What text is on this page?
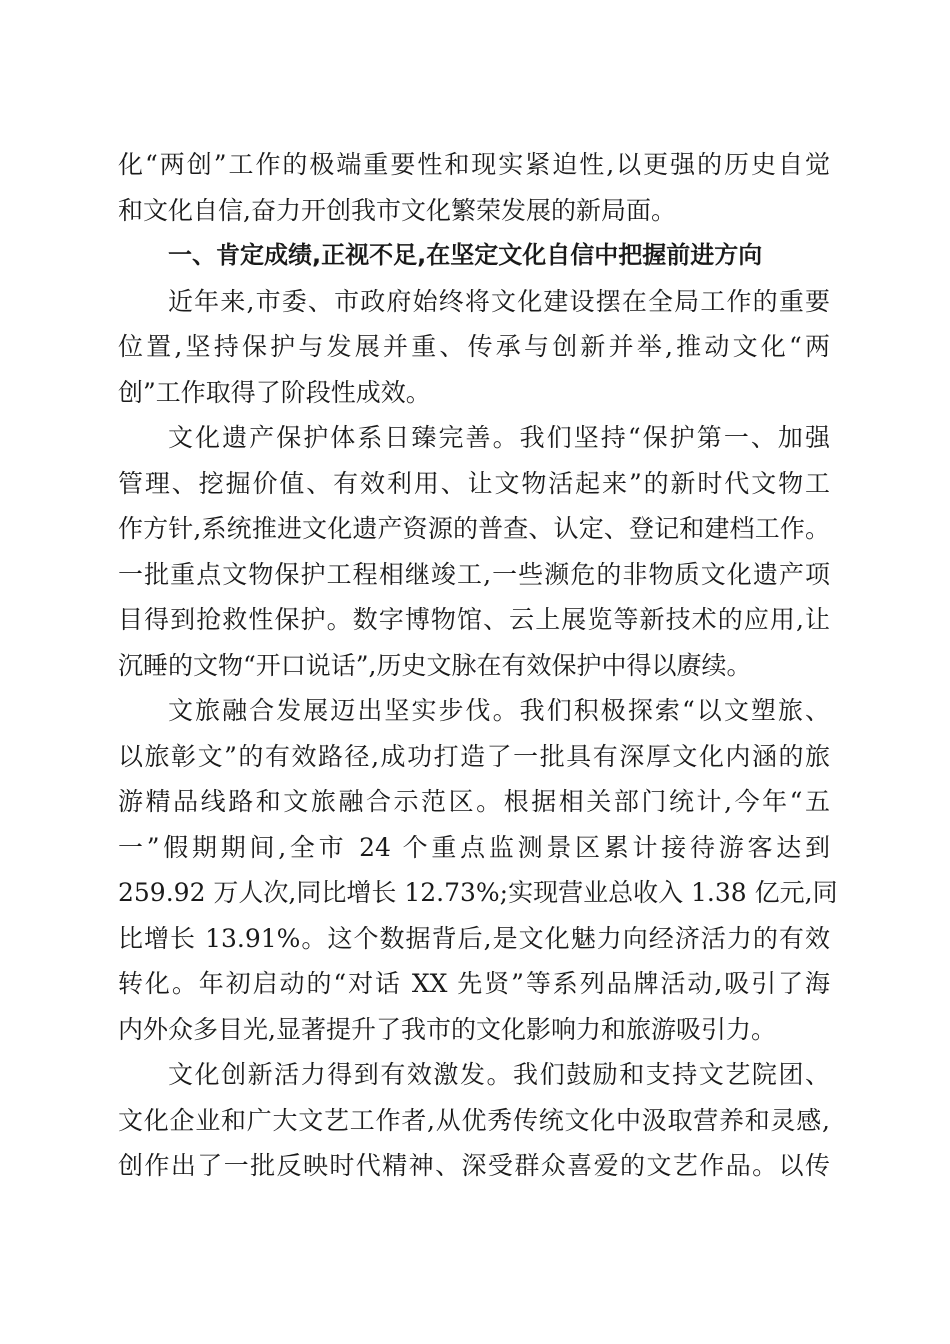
化“两创”工作的极端重要性和现实紧迫性,以更强的历史自觉
和文化自信,奋力开创我市文化繁荣发展的新局面。
一、肯定成绩,正视不足,在坚定文化自信中把握前进方向
近年来,市委、市政府始终将文化建设摆在全局工作的重要
位置,坚持保护与发展并重、传承与创新并举,推动文化“两
创”工作取得了阶段性成效。
文化遗产保护体系日臻完善。我们坚持“保护第一、加强
管理、挖掘价值、有效利用、让文物活起来”的新时代文物工
作方针,系统推进文化遗产资源的普查、认定、登记和建档工作。
一批重点文物保护工程相继竣工,一些濒危的非物质文化遗产项
目得到抢救性保护。数字博物馆、云上展览等新技术的应用,让
沉睡的文物“开口说话”,历史文脉在有效保护中得以赓续。
文旅融合发展迈出坚实步伐。我们积极探索“以文塑旅、
以旅彰文”的有效路径,成功打造了一批具有深厚文化内涵的旅
游精品线路和文旅融合示范区。根据相关部门统计,今年“五
一”假期期间,全市 24 个重点监测景区累计接待游客达到
259.92 万人次,同比增长 12.73%;实现营业总收入 1.38 亿元,同
比增长 13.91%。这个数据背后,是文化魅力向经济活力的有效
转化。年初启动的“对话 XX 先贤”等系列品牌活动,吸引了海
内外众多目光,显著提升了我市的文化影响力和旅游吸引力。
文化创新活力得到有效激发。我们鼓励和支持文艺院团、
文化企业和广大文艺工作者,从优秀传统文化中汲取营养和灵感,
创作出了一批反映时代精神、深受群众喜爱的文艺作品。以传
